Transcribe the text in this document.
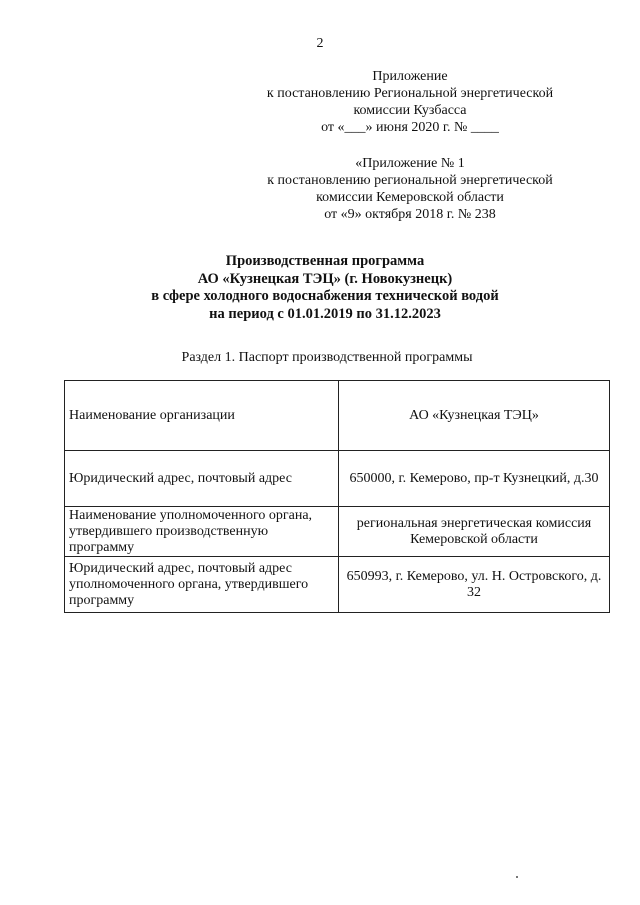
2
Приложение
к постановлению Региональной энергетической
комиссии Кузбасса
от «___» июня 2020 г. № ____
«Приложение № 1
к постановлению региональной энергетической
комиссии Кемеровской области
от «9» октября 2018 г. № 238
Производственная программа
АО «Кузнецкая ТЭЦ» (г. Новокузнецк)
в сфере холодного водоснабжения технической водой
на период с 01.01.2019 по 31.12.2023
Раздел 1. Паспорт производственной программы
Наименование организации	АО «Кузнецкая ТЭЦ»
Юридический адрес, почтовый адрес	650000, г. Кемерово, пр-т Кузнецкий, д.30
Наименование уполномоченного органа, утвердившего производственную программу	региональная энергетическая комиссия Кемеровской области
Юридический адрес, почтовый адрес уполномоченного органа, утвердившего программу	650993, г. Кемерово, ул. Н. Островского, д. 32
